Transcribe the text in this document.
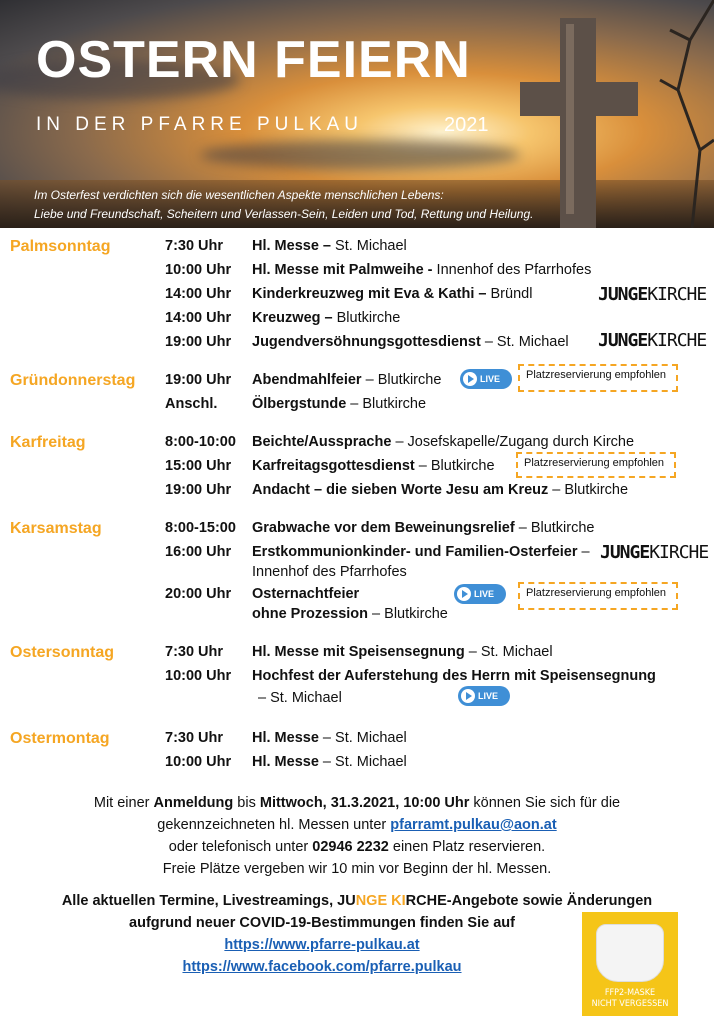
OSTERN FEIERN
IN DER PFARRE PULKAU	2021
Im Osterfest verdichten sich die wesentlichen Aspekte menschlichen Lebens:
Liebe und Freundschaft, Scheitern und Verlassen-Sein, Leiden und Tod, Rettung und Heilung.
Palmsonntag	7:30 Uhr Hl. Messe – St. Michael
10:00 Uhr Hl. Messe mit Palmweihe - Innenhof des Pfarrhofes
14:00 Uhr Kinderkreuzweg mit Eva & Kathi – Bründl	JUNGEKIRCHE
14:00 Uhr Kreuzweg – Blutkirche
19:00 Uhr Jugendversöhnungsgottesdienst – St. Michael JUNGEKIRCHE
Gründonnerstag 19:00 Uhr Abendmahlfeier – Blutkirche	LIVE	Platzreservierung empfohlen
Anschl. Ölbergstunde – Blutkirche
Karfreitag	8:00-10:00 Beichte/Aussprache – Josefskapelle/Zugang durch Kirche
15:00 Uhr Karfreitagsgottesdienst – Blutkirche	Platzreservierung empfohlen
19:00 Uhr Andacht – die sieben Worte Jesu am Kreuz – Blutkirche
Karsamstag	8:00-15:00 Grabwache vor dem Beweinungsrelief – Blutkirche
16:00 Uhr Erstkommunionkinder- und Familien-Osterfeier – JUNGEKIRCHE
Innenhof des Pfarrhofes
20:00 Uhr Osternachtfeier	LIVE	Platzreservierung empfohlen
ohne Prozession – Blutkirche
Ostersonntag	7:30 Uhr Hl. Messe mit Speisensegnung – St. Michael
10:00 Uhr Hochfest der Auferstehung des Herrn mit Speisensegnung
– St. Michael	LIVE
Ostermontag	7:30 Uhr Hl. Messe – St. Michael
10:00 Uhr Hl. Messe – St. Michael
Mit einer Anmeldung bis Mittwoch, 31.3.2021, 10:00 Uhr können Sie sich für die
gekennzeichneten hl. Messen unter pfarramt.pulkau@aon.at
oder telefonisch unter 02946 2232 einen Platz reservieren.
Freie Plätze vergeben wir 10 min vor Beginn der hl. Messen.
Alle aktuellen Termine, Livestreamings, JUNGE KIRCHE-Angebote sowie Änderungen
aufgrund neuer COVID-19-Bestimmungen finden Sie auf
https://www.pfarre-pulkau.at
https://www.facebook.com/pfarre.pulkau
FFP2-MASKE
NICHT VERGESSEN
